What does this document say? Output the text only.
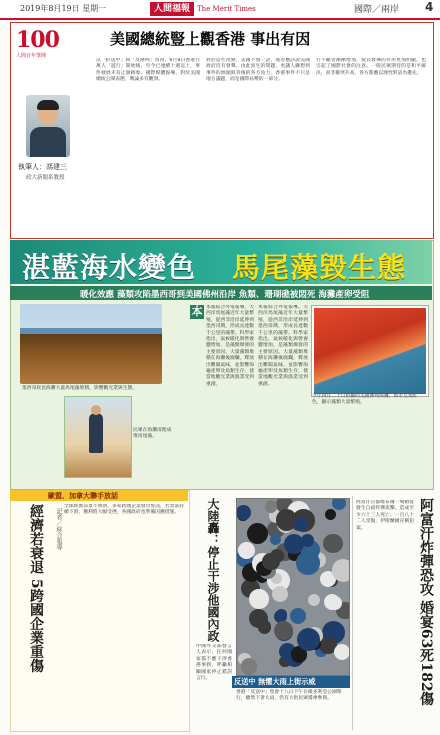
2019年8月19日 星期一	人間福報	The Merit Times	國際／兩岸 4
100
人間百年筆陣
美國總統豎上觀香港 事出有因
執筆人：馮建三
政大新聞系教授
以「拒送中」與「反修例」為由，6月9日香港百萬人「遊行」開始後，至今已連續十週以上，事件發展未有止歇跡象。國際媒體報導，對於美國總統公開表態，輿論多有觀察。
對於這些改變，美國不發一語，或者應該說美國政府沒有發聲。由此而生的問題，更讓人聯想到事件的源頭與背後的各方角力，香港事件不只是地方議題，而是國際局勢的一部分。
行不斷者漸漸增加，使其發揮的作用更加明顯，也引起了國際社會的注意。一般民眾期待的是和平解決，而非衝突升高，各方都應以理性對話為優先。
湛藍海水變色 馬尾藻毀生態
暖化效應 藻類攻陷墨西哥到美國佛州沿岸 魚類、珊瑚礁被悶死 海灘產卵受阻
墨西哥坎昆海灘大量馬尾藻堆積，影響觀光業與生態。
民眾在海灘清理成堆馬尾藻。
本 本報綜合外電報導，大西洋馬尾藻近年大量繁殖，從西非沿岸延伸到墨西哥灣，形成長達數千公里的藻帶。科學家指出，氣候暖化與營養鹽增加，是藻類爆發的主要原因。大量藻類堆積在海灘後腐爛，釋放出難聞氣味，並影響海龜產卵及魚類生存，使當地觀光業與漁業受到重創。
本報綜合外電報導，大西洋馬尾藻近年大量繁殖，從西非沿岸延伸到墨西哥灣，形成長達數千公里的藻帶。科學家指出，氣候暖化與營養鹽增加，是藻類爆發的主要原因。大量藻類堆積在海灘後腐爛，釋放出難聞氣味，並影響海龜產卵及魚類生存，使當地觀光業與漁業受到重創。
今年四月二十日拍攝的美國佛州海灘，海水呈現紅色，顯示藻類大量繁殖。
歐盟、加拿大聯手放話
經濟若衰退 5跨國企業重傷	記者／綜合報導
全球經濟前景不明朗，多家跨國企業發出警訊，若景氣持續下滑，獲利將大幅受挫，各國政府也準備因應措施。	大陸轟：停止干涉他國內政
中國外交部發言人表示，任何國家都不應干涉香港事務，呼籲相關國家停止錯誤言行。	反送中 無懼大雨上街示威
香港「反送中」集會十八日下午在維多利亞公園舉行，雖然下著大雨，仍有大批民眾撐傘參與。	阿富汗炸彈恐攻 婚宴63死182傷
阿富汗首都喀布爾一場婚宴發生自殺炸彈攻擊，造成至少六十三人死亡、一百八十二人受傷，伊斯蘭國宣稱犯案。
